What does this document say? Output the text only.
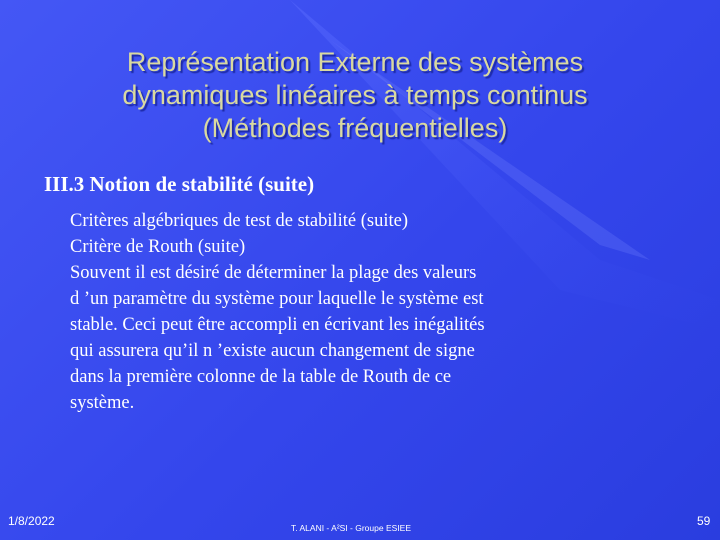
Représentation Externe des systèmes
dynamiques linéaires à temps continus
(Méthodes fréquentielles)
III.3 Notion de stabilité (suite)
Critères algébriques de test de stabilité (suite)
Critère de Routh (suite)
Souvent il est désiré de déterminer la plage des valeurs
d ’un paramètre du système pour laquelle le système est
stable. Ceci peut être accompli en écrivant les inégalités
qui assurera qu’il n ’existe aucun changement de signe
dans la première colonne de la table de Routh de ce
système.
1/8/2022	T. ALANI - A²SI - Groupe ESIEE	59
